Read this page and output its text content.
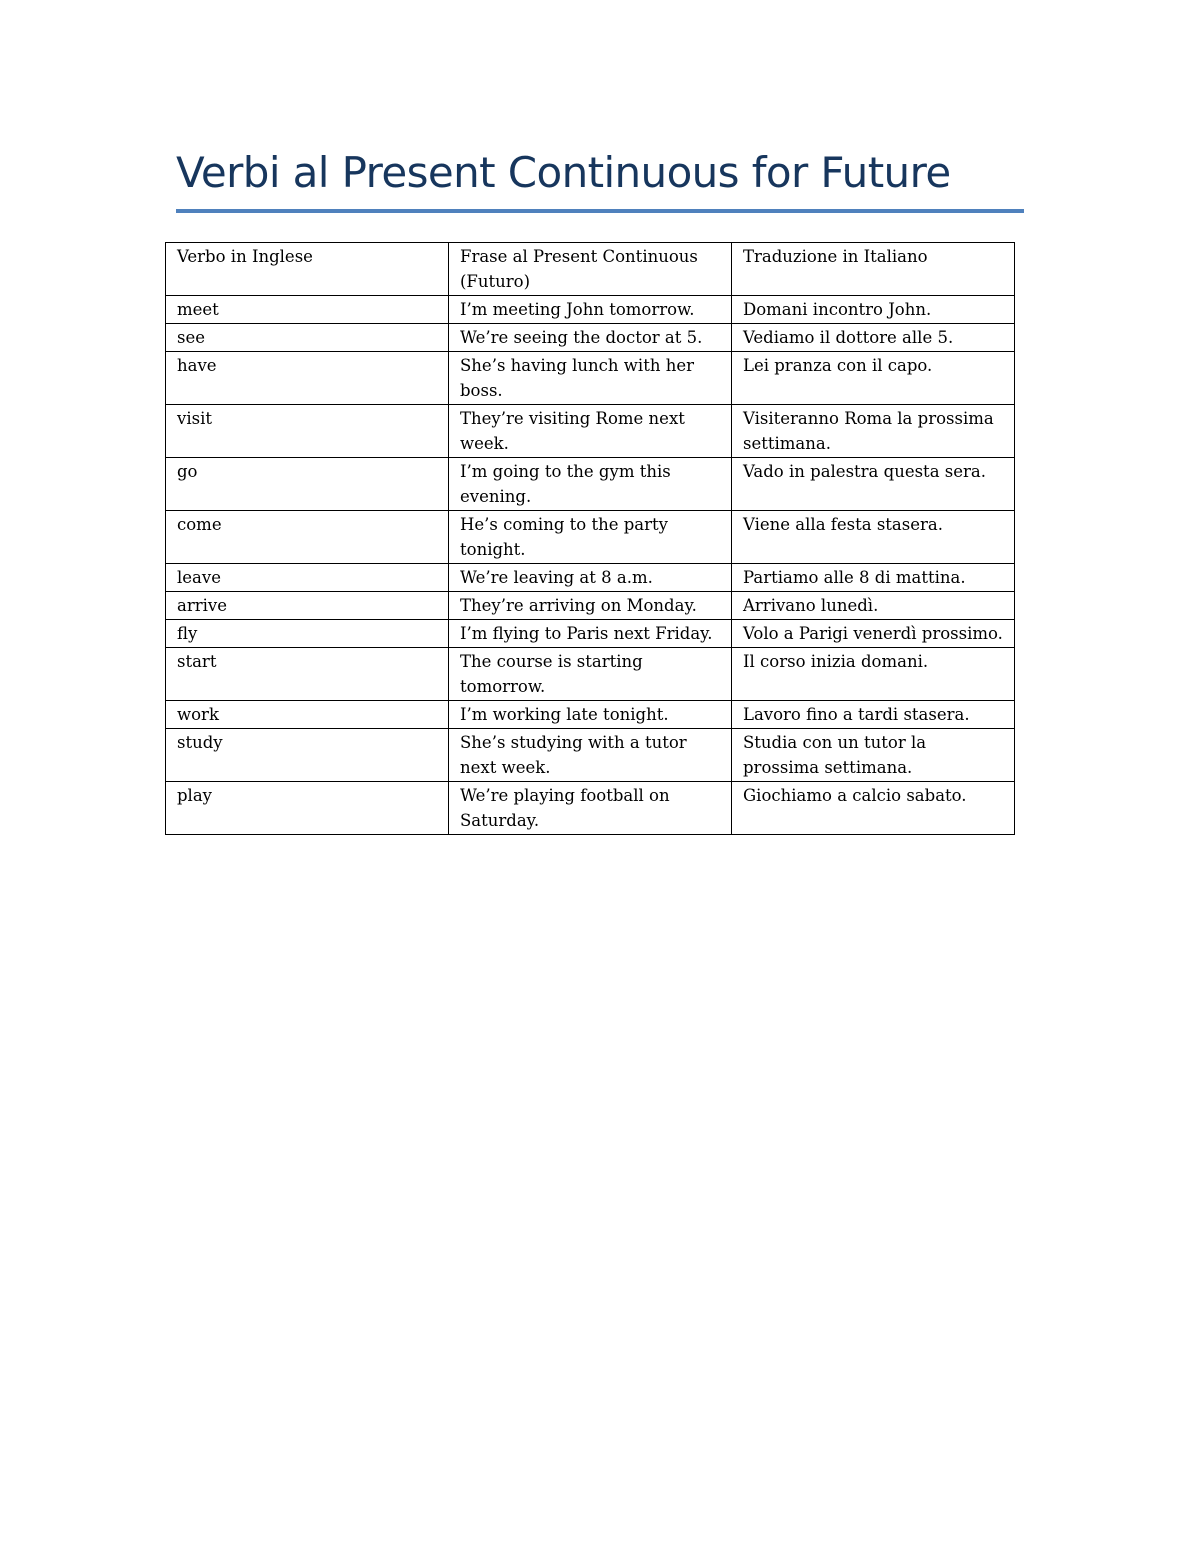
Verbi al Present Continuous for Future
Verbo in Inglese	Frase al Present Continuous (Futuro)	Traduzione in Italiano
meet	I’m meeting John tomorrow.	Domani incontro John.
see	We’re seeing the doctor at 5.	Vediamo il dottore alle 5.
have	She’s having lunch with her boss.	Lei pranza con il capo.
visit	They’re visiting Rome next week.	Visiteranno Roma la prossima settimana.
go	I’m going to the gym this evening.	Vado in palestra questa sera.
come	He’s coming to the party tonight.	Viene alla festa stasera.
leave	We’re leaving at 8 a.m.	Partiamo alle 8 di mattina.
arrive	They’re arriving on Monday.	Arrivano lunedì.
fly	I’m flying to Paris next Friday.	Volo a Parigi venerdì prossimo.
start	The course is starting tomorrow.	Il corso inizia domani.
work	I’m working late tonight.	Lavoro fino a tardi stasera.
study	She’s studying with a tutor next week.	Studia con un tutor la prossima settimana.
play	We’re playing football on Saturday.	Giochiamo a calcio sabato.
